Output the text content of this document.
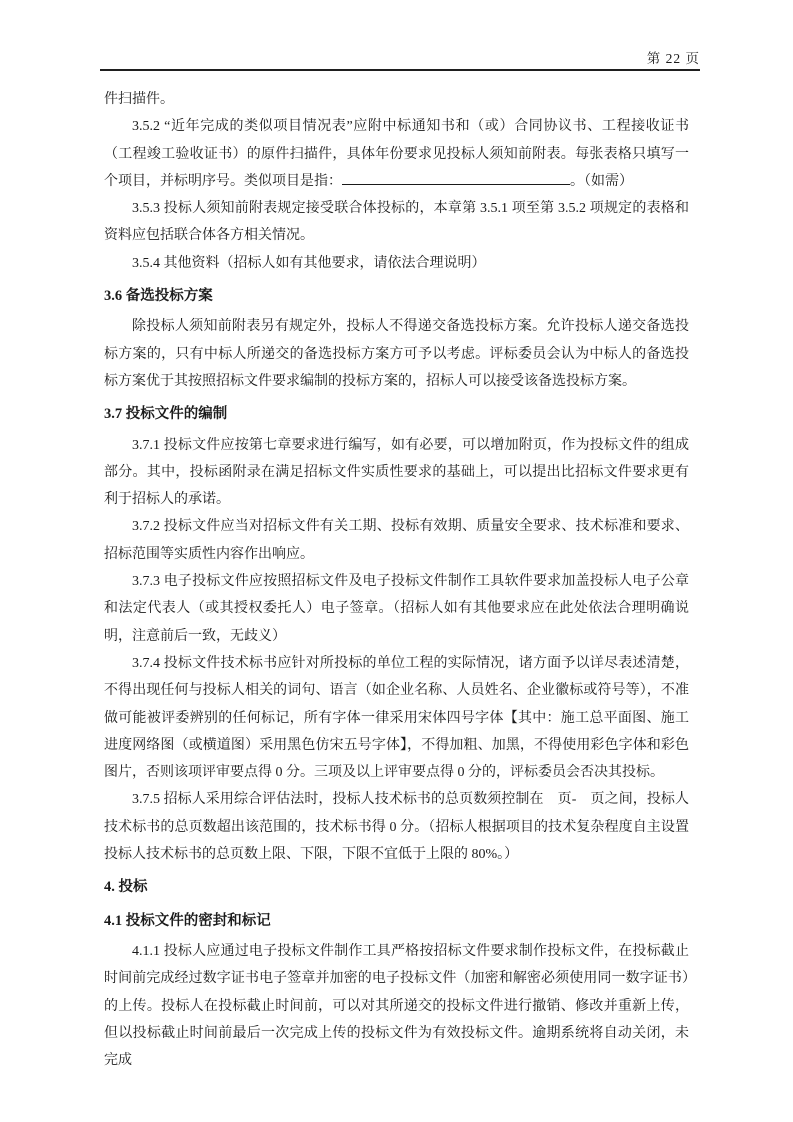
第 22 页

件扫描件。

3.5.2 “近年完成的类似项目情况表”应附中标通知书和（或）合同协议书、工程接收证书（工程竣工验收证书）的原件扫描件，具体年份要求见投标人须知前附表。每张表格只填写一个项目，并标明序号。类似项目是指：	。（如需）

3.5.3 投标人须知前附表规定接受联合体投标的，本章第 3.5.1 项至第 3.5.2 项规定的表格和资料应包括联合体各方相关情况。

3.5.4 其他资料（招标人如有其他要求，请依法合理说明）

3.6 备选投标方案

除投标人须知前附表另有规定外，投标人不得递交备选投标方案。允许投标人递交备选投标方案的，只有中标人所递交的备选投标方案方可予以考虑。评标委员会认为中标人的备选投标方案优于其按照招标文件要求编制的投标方案的，招标人可以接受该备选投标方案。

3.7 投标文件的编制

3.7.1 投标文件应按第七章要求进行编写，如有必要，可以增加附页，作为投标文件的组成部分。其中，投标函附录在满足招标文件实质性要求的基础上，可以提出比招标文件要求更有利于招标人的承诺。

3.7.2 投标文件应当对招标文件有关工期、投标有效期、质量安全要求、技术标准和要求、招标范围等实质性内容作出响应。

3.7.3 电子投标文件应按照招标文件及电子投标文件制作工具软件要求加盖投标人电子公章和法定代表人（或其授权委托人）电子签章。（招标人如有其他要求应在此处依法合理明确说明，注意前后一致，无歧义）

3.7.4 投标文件技术标书应针对所投标的单位工程的实际情况，诸方面予以详尽表述清楚，不得出现任何与投标人相关的词句、语言（如企业名称、人员姓名、企业徽标或符号等），不准做可能被评委辨别的任何标记，所有字体一律采用宋体四号字体【其中：施工总平面图、施工进度网络图（或横道图）采用黑色仿宋五号字体】，不得加粗、加黑，不得使用彩色字体和彩色图片，否则该项评审要点得 0 分。三项及以上评审要点得 0 分的，评标委员会否决其投标。

3.7.5 招标人采用综合评估法时，投标人技术标书的总页数须控制在　页-　页之间，投标人技术标书的总页数超出该范围的，技术标书得 0 分。（招标人根据项目的技术复杂程度自主设置投标人技术标书的总页数上限、下限，下限不宜低于上限的 80%。）

4. 投标
4.1 投标文件的密封和标记

4.1.1 投标人应通过电子投标文件制作工具严格按招标文件要求制作投标文件，在投标截止时间前完成经过数字证书电子签章并加密的电子投标文件（加密和解密必须使用同一数字证书）的上传。投标人在投标截止时间前，可以对其所递交的投标文件进行撤销、修改并重新上传，但以投标截止时间前最后一次完成上传的投标文件为有效投标文件。逾期系统将自动关闭，未完成
